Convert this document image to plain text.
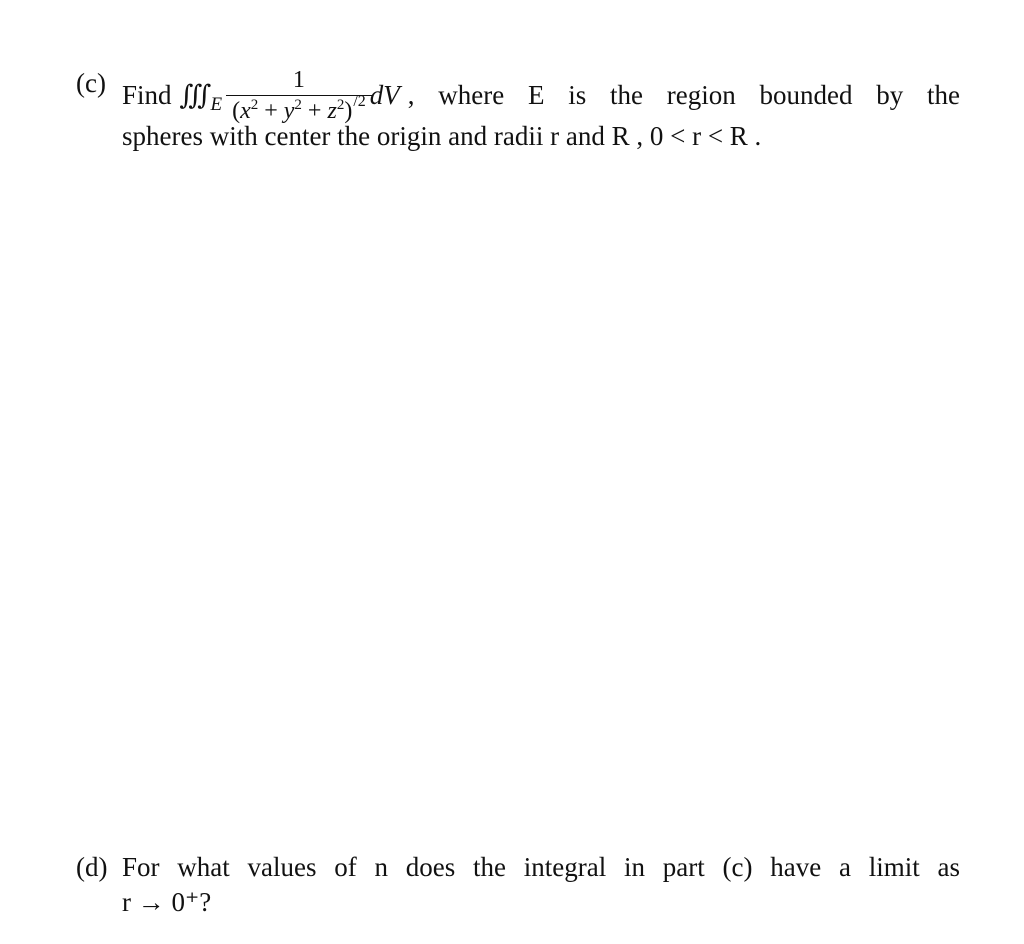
(c) Find ∭ E $\frac{1}{(x^2 + y^2 + z^2)^{/2}}$ dV , where E is the region bounded by the
spheres with center the origin and radii r and R , 0 < r < R .
(d) For what values of n does the integral in part (c) have a limit as
r → 0⁺?
